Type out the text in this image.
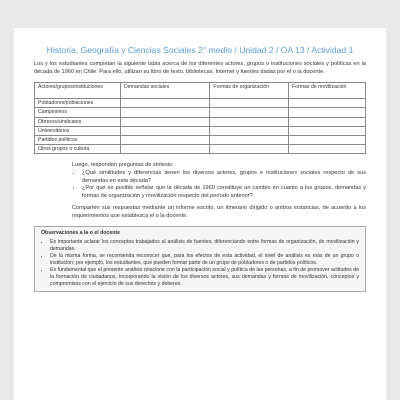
Historia, Geografía y Ciencias Sociales 2° medio / Unidad 2 / OA 13 / Actividad 1
Los y los estudiantes completan la siguiente tabla acerca de los diferentes actores, grupos o instituciones sociales y políticas en la década de 1960 en Chile. Para ello, utilizan su libro de texto, bibliotecas, Internet y fuentes dadas por el o la docente.
Actores/grupos/instituciones	Demandas sociales	Formas de organización	Formas de movilización
Pobladores/poblaciones			
Campesinos			
Obreros/sindicatos			
Universitarios			
Partidos políticos			
Otros grupos o cultura			
Luego, responden preguntas de síntesis:
• ¿Qué similitudes y diferencias tienen los diversos actores, grupos e instituciones sociales respecto de sus demandas en esta década?
• ¿Por qué es posible señalar que la década de 1960 constituye un cambio en cuanto a los grupos, demandas y formas de organización y movilización respecto del período anterior?
Comparten sus respuestas mediante un informe escrito, un itinerario dirigido o ambos instancias, de acuerdo a los requerimientos que establezca el o la docente.
Observaciones a la o el docente
• Es importante aclarar los conceptos trabajados al análisis de fuentes, diferenciando entre formas de organización, de movilización y demandas.
• De la misma forma, se recomienda reconocer que, para los efectos de esta actividad, el nivel de análisis es más de un grupo o institución; por ejemplo, los estudiantes, que pueden formar parte de un grupo de pobladores o de partidos políticos.
• Es fundamental que el presente análisis relacione con la participación social y política de las personas, a fin de promover actitudes de la formación de ciudadanos, incorporando la visión de los diversos actores, sus demandas y formas de movilización, conceptos y compromisos con el ejercicio de sus derechos y deberes.
